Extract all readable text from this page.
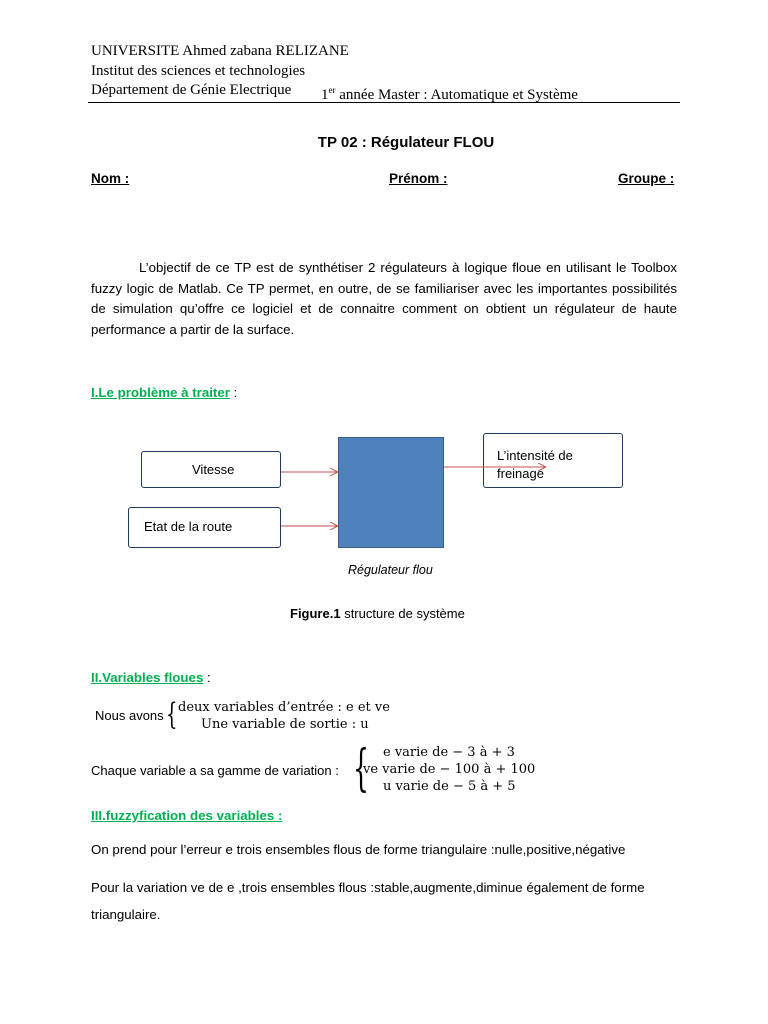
UNIVERSITE Ahmed zabana RELIZANE
Institut des sciences et technologies
Département de Génie Electrique 1er année Master : Automatique et Système
TP 02 : Régulateur FLOU
Nom :	Prénom :	Groupe :
L’objectif de ce TP est de synthétiser 2 régulateurs à logique floue en utilisant le Toolbox fuzzy logic de Matlab. Ce TP permet, en outre, de se familiariser avec les importantes possibilités de simulation qu’offre ce logiciel et de connaitre comment on obtient un régulateur de haute performance a partir de la surface.
I.Le problème à traiter :
Vitesse
Etat de la route
L’intensité de freinage
Régulateur flou
Figure.1 structure de système
II.Variables floues :
Nous avons { deux variables d’entrée : e et ve
Une variable de sortie : u
Chaque variable a sa gamme de variation : { e varie de − 3 à + 3
ve varie de − 100 à + 100
u varie de − 5 à + 5
III.fuzzyfication des variables :
On prend pour l’erreur e trois ensembles flous de forme triangulaire :nulle,positive,négative
Pour la variation ve de e ,trois ensembles flous :stable,augmente,diminue également de forme
triangulaire.
